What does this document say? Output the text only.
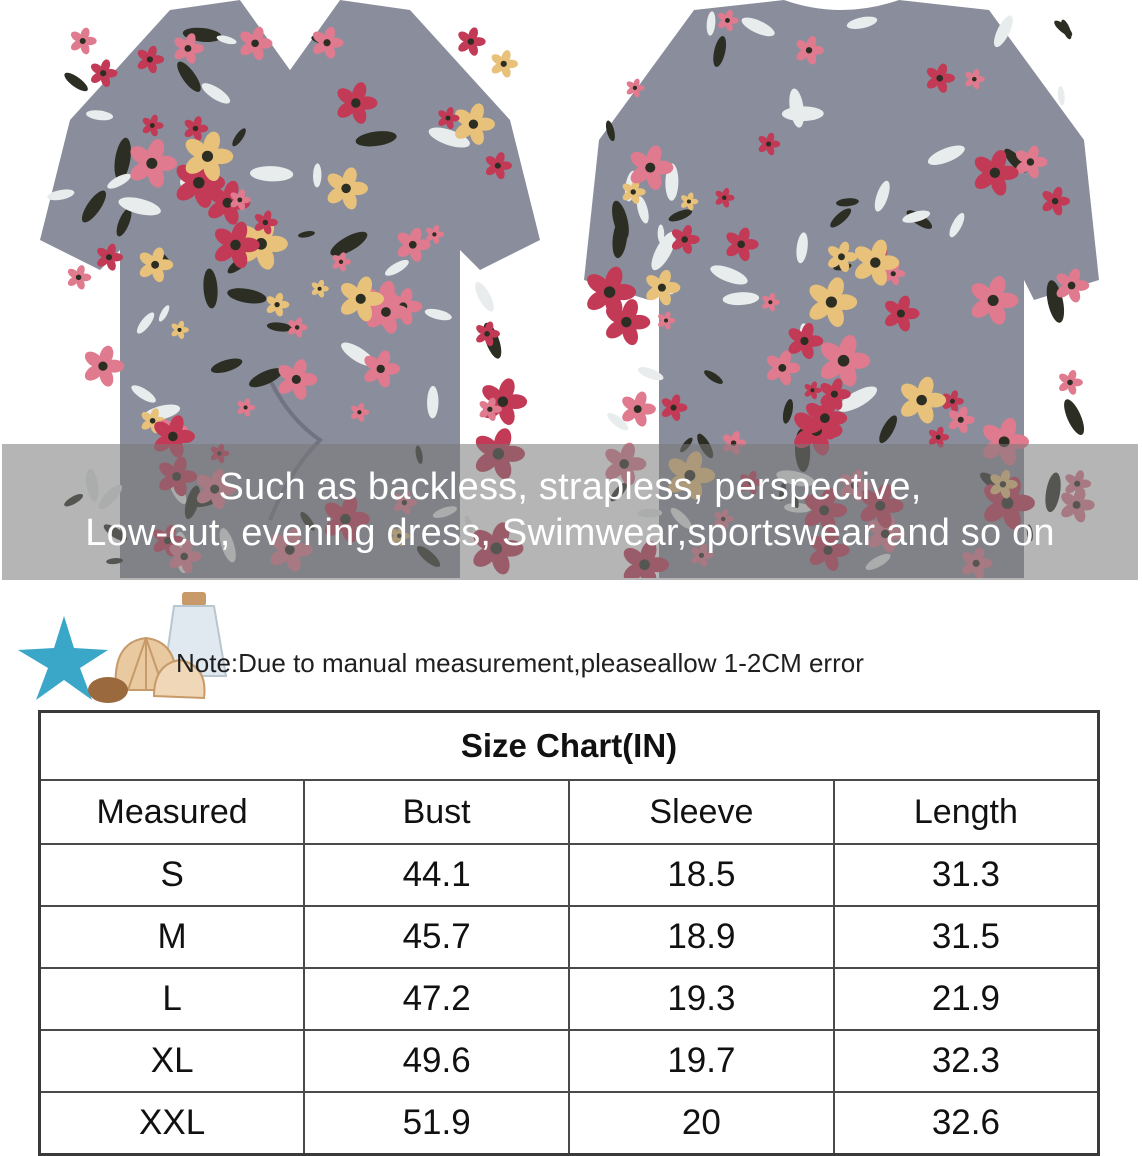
Such as backless, strapless, perspective,
Low-cut, evening dress, Swimwear,sportswear and so on
Note:Due to manual measurement,pleaseallow 1-2CM error
Size Chart(IN)			
Measured	Bust	Sleeve	Length
S	44.1	18.5	31.3
M	45.7	18.9	31.5
L	47.2	19.3	21.9
XL	49.6	19.7	32.3
XXL	51.9	20	32.6
